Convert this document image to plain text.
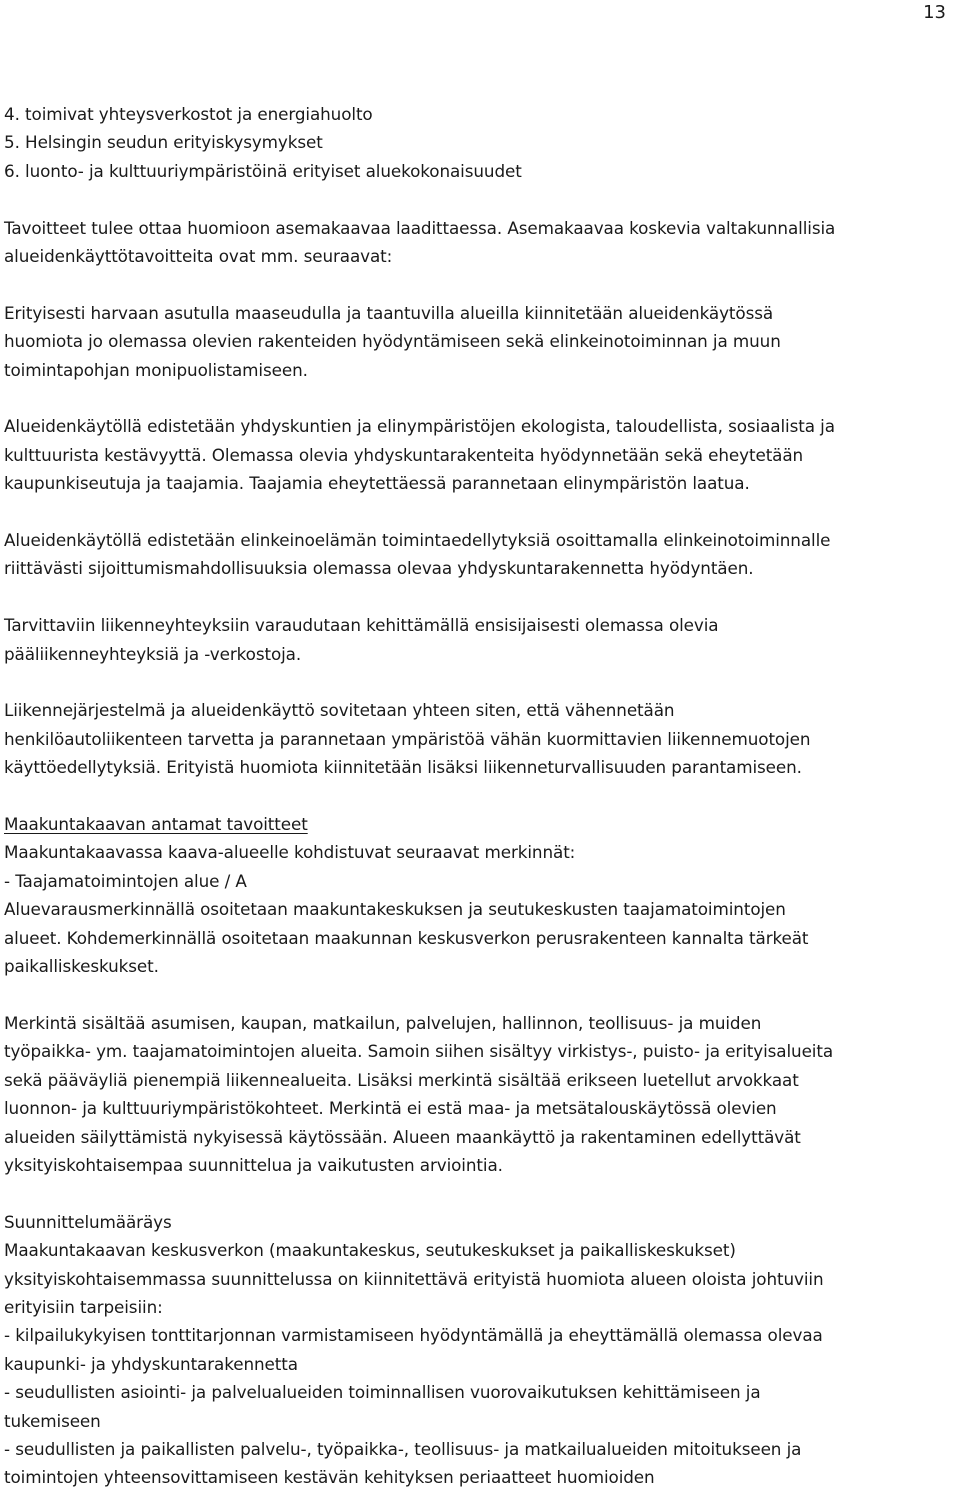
13
4. toimivat yhteysverkostot ja energiahuolto
5. Helsingin seudun erityiskysymykset
6. luonto- ja kulttuuriympäristöinä erityiset aluekokonaisuudet
Tavoitteet tulee ottaa huomioon asemakaavaa laadittaessa. Asemakaavaa koskevia valtakunnallisia
alueidenkäyttötavoitteita ovat mm. seuraavat:
Erityisesti harvaan asutulla maaseudulla ja taantuvilla alueilla kiinnitetään alueidenkäytössä
huomiota jo olemassa olevien rakenteiden hyödyntämiseen sekä elinkeinotoiminnan ja muun
toimintapohjan monipuolistamiseen.
Alueidenkäytöllä edistetään yhdyskuntien ja elinympäristöjen ekologista, taloudellista, sosiaalista ja
kulttuurista kestävyyttä. Olemassa olevia yhdyskuntarakenteita hyödynnetään sekä eheytetään
kaupunkiseutuja ja taajamia. Taajamia eheytettäessä parannetaan elinympäristön laatua.
Alueidenkäytöllä edistetään elinkeinoelämän toimintaedellytyksiä osoittamalla elinkeinotoiminnalle
riittävästi sijoittumismahdollisuuksia olemassa olevaa yhdyskuntarakennetta hyödyntäen.
Tarvittaviin liikenneyhteyksiin varaudutaan kehittämällä ensisijaisesti olemassa olevia
pääliikenneyhteyksiä ja -verkostoja.
Liikennejärjestelmä ja alueidenkäyttö sovitetaan yhteen siten, että vähennetään
henkilöautoliikenteen tarvetta ja parannetaan ympäristöä vähän kuormittavien liikennemuotojen
käyttöedellytyksiä. Erityistä huomiota kiinnitetään lisäksi liikenneturvallisuuden parantamiseen.
Maakuntakaavan antamat tavoitteet
Maakuntakaavassa kaava-alueelle kohdistuvat seuraavat merkinnät:
- Taajamatoimintojen alue / A
Aluevarausmerkinnällä osoitetaan maakuntakeskuksen ja seutukeskusten taajamatoimintojen
alueet. Kohdemerkinnällä osoitetaan maakunnan keskusverkon perusrakenteen kannalta tärkeät
paikalliskeskukset.
Merkintä sisältää asumisen, kaupan, matkailun, palvelujen, hallinnon, teollisuus- ja muiden
työpaikka- ym. taajamatoimintojen alueita. Samoin siihen sisältyy virkistys-, puisto- ja erityisalueita
sekä pääväyliä pienempiä liikennealueita. Lisäksi merkintä sisältää erikseen luetellut arvokkaat
luonnon- ja kulttuuriympäristökohteet. Merkintä ei estä maa- ja metsätalouskäytössä olevien
alueiden säilyttämistä nykyisessä käytössään. Alueen maankäyttö ja rakentaminen edellyttävät
yksityiskohtaisempaa suunnittelua ja vaikutusten arviointia.
Suunnittelumääräys
Maakuntakaavan keskusverkon (maakuntakeskus, seutukeskukset ja paikalliskeskukset)
yksityiskohtaisemmassa suunnittelussa on kiinnitettävä erityistä huomiota alueen oloista johtuviin
erityisiin tarpeisiin:
- kilpailukykyisen tonttitarjonnan varmistamiseen hyödyntämällä ja eheyttämällä olemassa olevaa
kaupunki- ja yhdyskuntarakennetta
- seudullisten asiointi- ja palvelualueiden toiminnallisen vuorovaikutuksen kehittämiseen ja
tukemiseen
- seudullisten ja paikallisten palvelu-, työpaikka-, teollisuus- ja matkailualueiden mitoitukseen ja
toimintojen yhteensovittamiseen kestävän kehityksen periaatteet huomioiden
